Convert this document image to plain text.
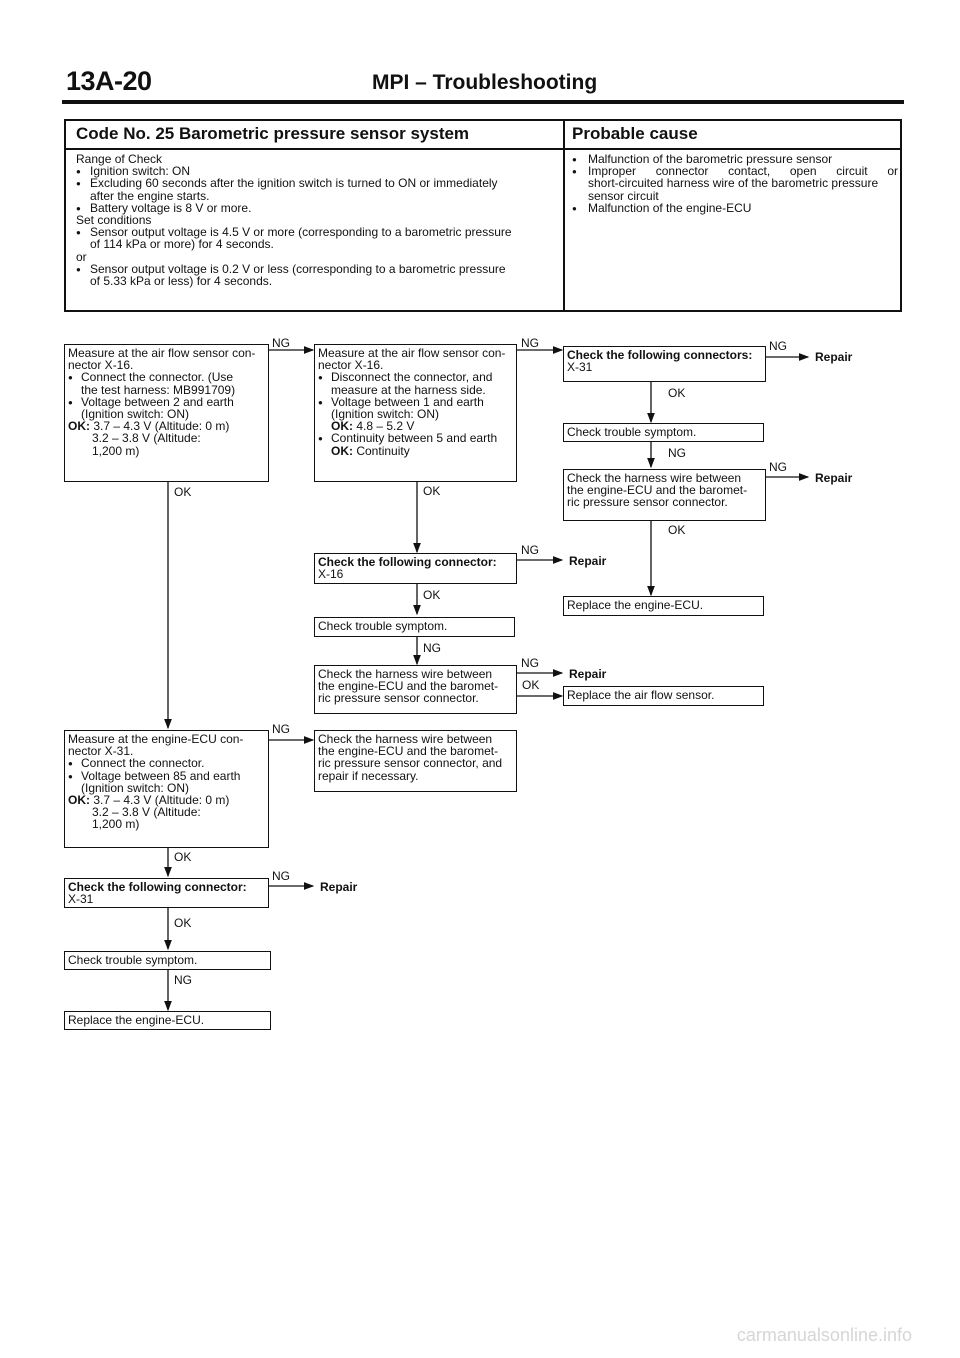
13A-20	MPI – Troubleshooting
Code No. 25 Barometric pressure sensor system	Probable cause
Range of Check
● Ignition switch: ON
● Excluding 60 seconds after the ignition switch is turned to ON or immediately
after the engine starts.
● Battery voltage is 8 V or more.
Set conditions
● Sensor output voltage is 4.5 V or more (corresponding to a barometric pressure
of 114 kPa or more) for 4 seconds.
or
● Sensor output voltage is 0.2 V or less (corresponding to a barometric pressure
of 5.33 kPa or less) for 4 seconds.
● Malfunction of the barometric pressure sensor
● Improper connector contact, open circuit or
short-circuited harness wire of the barometric pressure
sensor circuit
● Malfunction of the engine-ECU
Measure at the air flow sensor con-
nector X-16.
● Connect the connector. (Use
the test harness: MB991709)
● Voltage between 2 and earth
(Ignition switch: ON)
OK: 3.7 – 4.3 V (Altitude: 0 m)
3.2 – 3.8 V (Altitude:
1,200 m)
Measure at the air flow sensor con-
nector X-16.
● Disconnect the connector, and
measure at the harness side.
● Voltage between 1 and earth
(Ignition switch: ON)
OK: 4.8 – 5.2 V
● Continuity between 5 and earth
OK: Continuity
Check the following connectors:
X-31
Check trouble symptom.
Check the harness wire between
the engine-ECU and the baromet-
ric pressure sensor connector.
Replace the engine-ECU.
Check the following connector:
X-16
Check trouble symptom.
Check the harness wire between
the engine-ECU and the baromet-
ric pressure sensor connector.	Replace the air flow sensor.
Measure at the engine-ECU con-
nector X-31.
● Connect the connector.
● Voltage between 85 and earth
(Ignition switch: ON)
OK: 3.7 – 4.3 V (Altitude: 0 m)
3.2 – 3.8 V (Altitude:
1,200 m)
Check the harness wire between
the engine-ECU and the baromet-
ric pressure sensor connector, and
repair if necessary.
Check the following connector:
X-31
Check trouble symptom.
Replace the engine-ECU.
NG	NG	NG
NG
NG
NG
OK
NG
NG
OK	OK
OK
NG
OK
NG
OK
OK
OK
NG
Repair
Repair
Repair
Repair
Repair
carmanualsonline.info
